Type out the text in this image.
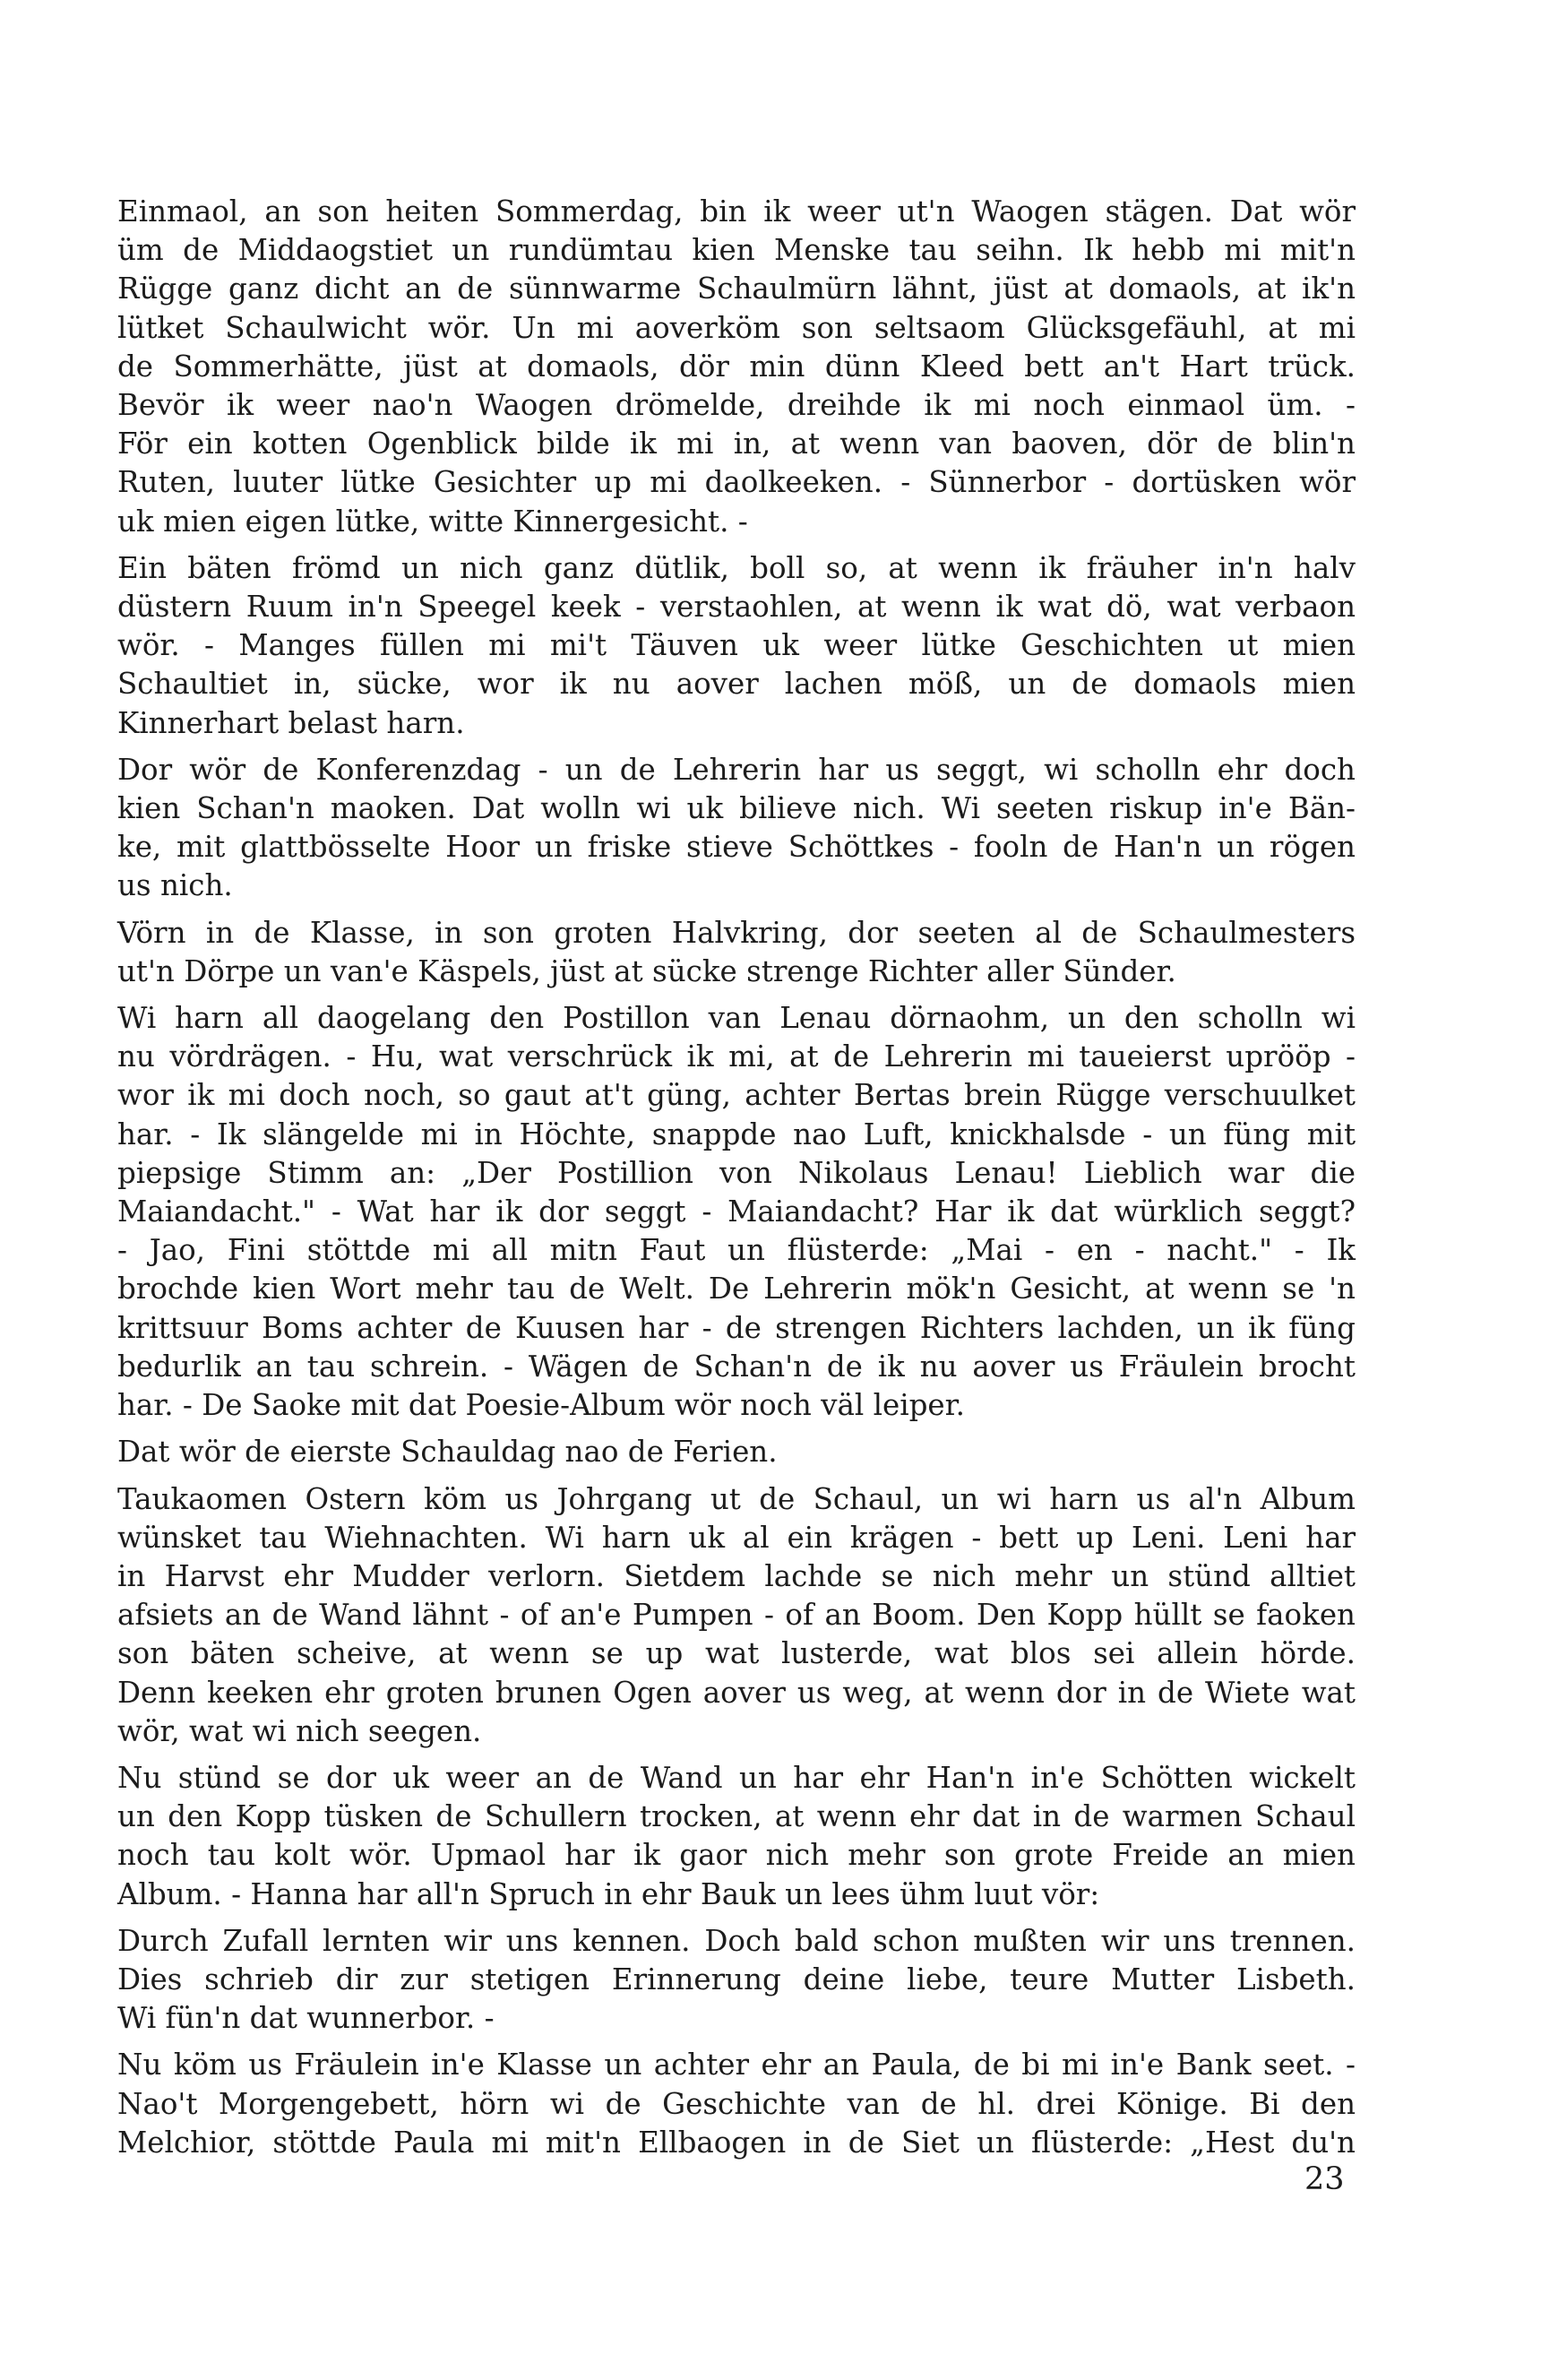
Einmaol, an son heiten Sommerdag, bin ik weer ut'n Waogen stägen. Dat wör
üm de Middaogstiet un rundümtau kien Menske tau seihn. Ik hebb mi mit'n
Rügge ganz dicht an de sünnwarme Schaulmürn lähnt, jüst at domaols, at ik'n
lütket Schaulwicht wör. Un mi aoverköm son seltsaom Glücksgefäuhl, at mi
de Sommerhätte, jüst at domaols, dör min dünn Kleed bett an't Hart trück.
Bevör ik weer nao'n Waogen drömelde, dreihde ik mi noch einmaol üm. -
För ein kotten Ogenblick bilde ik mi in, at wenn van baoven, dör de blin'n
Ruten, luuter lütke Gesichter up mi daolkeeken. - Sünnerbor - dortüsken wör
uk mien eigen lütke, witte Kinnergesicht. -

Ein bäten frömd un nich ganz dütlik, boll so, at wenn ik fräuher in'n halv
düstern Ruum in'n Speegel keek - verstaohlen, at wenn ik wat dö, wat verbaon
wör. - Manges füllen mi mi't Täuven uk weer lütke Geschichten ut mien
Schaultiet in, sücke, wor ik nu aover lachen möß, un de domaols mien
Kinnerhart belast harn.

Dor wör de Konferenzdag - un de Lehrerin har us seggt, wi scholln ehr doch
kien Schan'n maoken. Dat wolln wi uk bilieve nich. Wi seeten riskup in'e Bän-
ke, mit glattbösselte Hoor un friske stieve Schöttkes - fooln de Han'n un rögen
us nich.

Vörn in de Klasse, in son groten Halvkring, dor seeten al de Schaulmesters
ut'n Dörpe un van'e Käspels, jüst at sücke strenge Richter aller Sünder.

Wi harn all daogelang den Postillon van Lenau dörnaohm, un den scholln wi
nu vördrägen. - Hu, wat verschrück ik mi, at de Lehrerin mi taueierst uprööp -
wor ik mi doch noch, so gaut at't güng, achter Bertas brein Rügge verschuulket
har. - Ik slängelde mi in Höchte, snappde nao Luft, knickhalsde - un füng mit
piepsige Stimm an: „Der Postillion von Nikolaus Lenau! Lieblich war die
Maiandacht." - Wat har ik dor seggt - Maiandacht? Har ik dat würklich seggt?
- Jao, Fini stöttde mi all mitn Faut un flüsterde: „Mai - en - nacht." - Ik
brochde kien Wort mehr tau de Welt. De Lehrerin mök'n Gesicht, at wenn se 'n
krittsuur Boms achter de Kuusen har - de strengen Richters lachden, un ik füng
bedurlik an tau schrein. - Wägen de Schan'n de ik nu aover us Fräulein brocht
har. - De Saoke mit dat Poesie-Album wör noch väl leiper.

Dat wör de eierste Schauldag nao de Ferien.

Taukaomen Ostern köm us Johrgang ut de Schaul, un wi harn us al'n Album
wünsket tau Wiehnachten. Wi harn uk al ein krägen - bett up Leni. Leni har
in Harvst ehr Mudder verlorn. Sietdem lachde se nich mehr un stünd alltiet
afsiets an de Wand lähnt - of an'e Pumpen - of an Boom. Den Kopp hüllt se faoken
son bäten scheive, at wenn se up wat lusterde, wat blos sei allein hörde.
Denn keeken ehr groten brunen Ogen aover us weg, at wenn dor in de Wiete wat
wör, wat wi nich seegen.

Nu stünd se dor uk weer an de Wand un har ehr Han'n in'e Schötten wickelt
un den Kopp tüsken de Schullern trocken, at wenn ehr dat in de warmen Schaul
noch tau kolt wör. Upmaol har ik gaor nich mehr son grote Freide an mien
Album. - Hanna har all'n Spruch in ehr Bauk un lees ühm luut vör:

Durch Zufall lernten wir uns kennen. Doch bald schon mußten wir uns trennen.
Dies schrieb dir zur stetigen Erinnerung deine liebe, teure Mutter Lisbeth.
Wi fün'n dat wunnerbor. -

Nu köm us Fräulein in'e Klasse un achter ehr an Paula, de bi mi in'e Bank seet. -
Nao't Morgengebett, hörn wi de Geschichte van de hl. drei Könige. Bi den
Melchior, stöttde Paula mi mit'n Ellbaogen in de Siet un flüsterde: „Hest du'n

23
